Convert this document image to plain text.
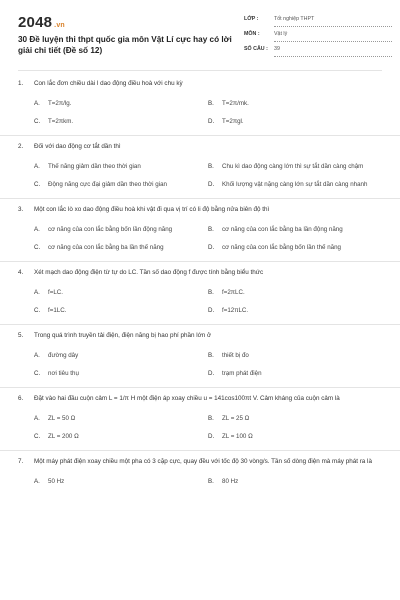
2048 .vn
30 Đề luyện thi thpt quốc gia môn Vật Lí cực hay có lời giải chi tiết (Đề số 12)
LỚP :	Tốt nghiệp THPT
MÔN :	Vật lý
SỐ CÂU : 39
1.	Con lắc đơn chiều dài l dao động điều hoà với chu kỳ
A.	T=2π/lg.	B.	T=2π/mk.
C.	T=2πkm.	D.	T=2πgl.
2.	Đối với dao động cơ tắt dần thì
A.	Thế năng giảm dần theo thời gian	B.	Chu kì dao động càng lớn thì sự tắt dần càng chậm
C.	Động năng cực đại giảm dần theo thời gian	D.	Khối lượng vật nặng càng lớn sự tắt dần càng nhanh
3.	Một con lắc lò xo dao động điều hoà khi vật đi qua vị trí có li độ bằng nửa biên độ thì
A.	cơ năng của con lắc bằng bốn lần động năng	B.	cơ năng của con lắc bằng ba lần động năng
C.	cơ năng của con lắc bằng ba lần thế năng	D.	cơ năng của con lắc bằng bốn lần thế năng
4.	Xét mạch dao động điện từ tự do LC. Tần số dao động f được tính bằng biểu thức
A.	f=LC.	B.	f=2πLC.
C.	f=1LC.	D.	f=12πLC.
5.	Trong quá trình truyền tải điện, điện năng bị hao phí phần lớn ở
A.	đường dây	B.	thiết bị đo
C.	nơi tiêu thụ	D.	trạm phát điện
6.	Đặt vào hai đầu cuộn cảm L = 1/π H một điện áp xoay chiều u = 141cos100πt V. Cảm kháng của cuộn cảm là
A.	ZL = 50 Ω	B.	ZL = 25 Ω
C.	ZL = 200 Ω	D.	ZL = 100 Ω
7.	Một máy phát điện xoay chiều một pha có 3 cặp cực, quay đều với tốc độ 30 vòng/s. Tần số dòng điện mà máy phát ra là
A.	50 Hz	B.	80 Hz
